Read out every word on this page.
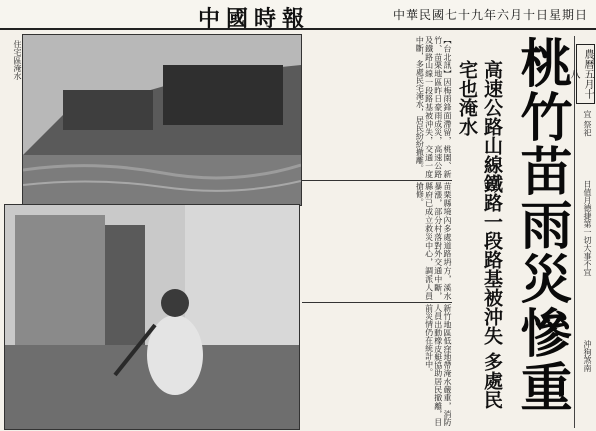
中國時報	中華民國七十九年六月十日星期日
住宅區淹水	桃竹苗雨災慘重
高速公路山線鐵路一段路基被沖失 多處民宅也淹水
【台北訊】因梅雨鋒面滯留，桃園、新竹、苗栗地區昨日豪雨成災，高速公路及鐵路山線一段路基被沖失，交通一度中斷，多處民宅淹水，居民紛紛撤離。
苗栗縣境內多處道路坍方，溪水暴漲，部分村落對外交通中斷，縣府已成立救災中心，調派人員搶修。
新竹地區低窪地帶淹水嚴重，消防人員出動橡皮艇協助居民撤離，目前災情仍在統計中。
農曆五月十八
宜 祭祀
日值月德捷第一切大事不宜
沖狗煞南
